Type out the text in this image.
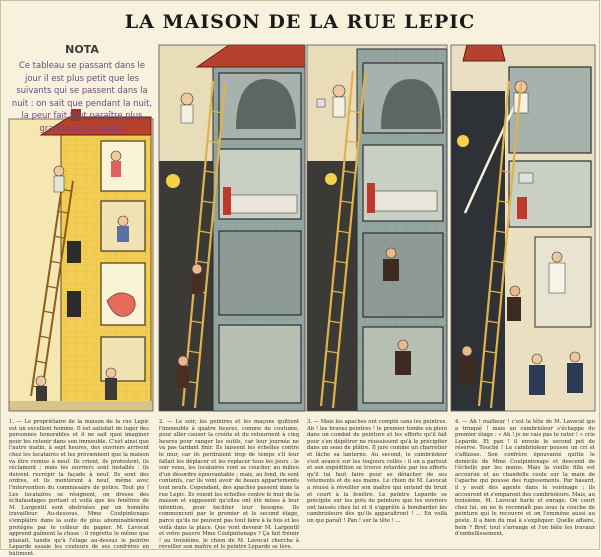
LA MAISON DE LA RUE LEPIC
NOTA
Ce tableau se passant dans le jour il est plus petit que les suivants qui se passent dans la nuit : on sait que pendant la nuit, la peur fait tout paraître plus grand que la réalité.
1. — Le propriétaire de la maison de la rue Lepic est un excellent homme. Il est satisfait de loger des personnes honorables et il ne sait quoi imaginer pour les retenir dans son immeuble. C'est ainsi que l'autre matin, à sept heures, des ouvriers arrivent chez les locataires et les préviennent que la maison va être remise à neuf. Ils crient, ils protestent, ils réclament ; mais les ouvriers sont installés : ils doivent recrépir la façade à neuf. Ils sont des ordres, et ils montèrent à neuf, même avec l'intervention du commissaire de police. Tout pis ! Les locataires se résignent, on dresse des échafaudages portant et voilà que les fenêtres de M. Largentil sont obstruées par un honnête travailleur. Au-dessous, Mme Coulpintenaps s'emplâtre dans la suite de plus abominablement protégée par le colleur de papier. M. Lavocat apprend gaîment la chose : il regrette le même que plaisait, tandis qu'à l'étage au-dessus le peintre Leparde essaie les couleurs de ses confrères en bâtiment.
2. — Le soir, les peintres et les maçons quittent l'immeuble à quatre heures, comme de coutume, pour aller causer la croûte et du retournent à cinq heures pour ranger les outils, car leur journée ne va pas tardant finir. Ils laissent les échelles contre le mur, car ils perdraient trop de temps s'il leur fallait les déplacer et les replacer tous les jours : le soir venu, les locataires vont se coucher, au milieu d'un désordre épouvantable ; mais, au fond, ils sont contents, car ils vont avoir de beaux appartements tout neufs. Cependant, des apaches passent dans la rue Lepic. Ils voient les échelles contre le mur de la maison et supposent qu'elles ont été mises à leur intention, pour faciliter leur besogne. Ils commencent par le premier et le second étage, parce qu'ils ne peuvent pas tout faire à la fois et les voilà dans la place. Que vont devenir M. Largentil et votre pauvre Mme Coulpintenaps ? Ça fait frémir ! au troisième, le chien de M. Lavocat cherche à réveiller son maître et le peintre Leparde se lève.
3. — Mais les apaches ont compté sans les peintres. Ah ! les braves peintres ! le premier tombe en plein dans un combat de peinture et les efforts qu'il fait pour s'en dépêtrer ne réussissent qu'à le précipiter dans un seau de plâtre. Il jure comme un charretier et lâche sa lanterne. Au second, le cambrioleur s'est avancé sur les toujours collés : il en a partout et son expédition se trouve retardée par les efforts qu'il lui faut faire pour se détacher de ses vêtements et de ses mains. Le chien de M. Lavocat a réussi à réveiller son maître qui entend du bruit et court à la fenêtre. Le peintre Leparde se précipite sur les pots de peinture que les ouvriers ont laissés chez lui et il s'apprête à bombarder les cambrioleurs dès qu'ils apparaîtront ! ... En voilà un qui paraît ! Pan ! sur la tête ! ...
4. — Ah ! malheur ! c'est la tête de M. Lavocat qui a trinqué ! mais un cambrioleur s'échappe du premier étage : « Ah ! je ne vais pas te rater ! » crie Leparde. Et pan ! il envoie le second pot de réserve. Touché ! Le cambrioleur pousse un cri et s'affaisse. Son confrère épouvanté quitte le domicile de Mme Coulpintenaps et descend de l'échelle par les mains. Mais la vieille fille est accourue et au chandelle coule sur la main de l'apache qui pousse des rugissements. Par hasard, il y avait des agents dans le voisinage ; ils accourent et s'emparent des cambrioleurs. Mais, au troisième, M. Lavocat hurle et enrage. On court chez lui, on ne le reconnaît pas sous la couche de peinture qui le recouvre et on l'emmène aussi au poste. Il a bien du mal à s'expliquer. Quelle affaire, hein ? Bref, tout s'arrange et l'on bâte les travaux d'embellissement.
